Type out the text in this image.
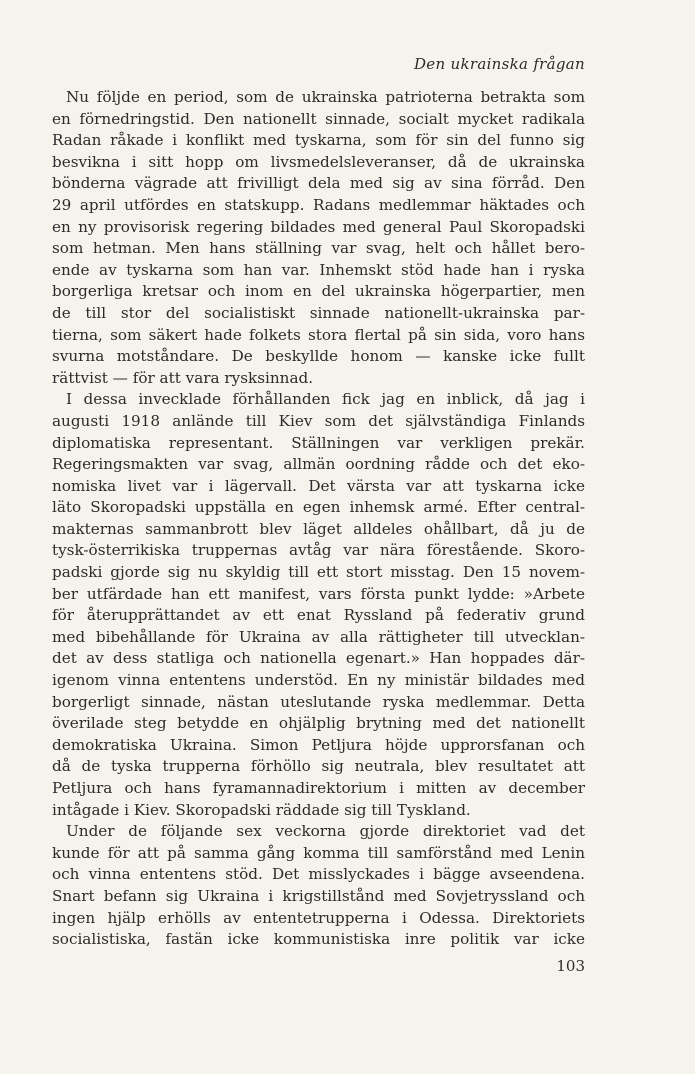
Den ukrainska frågan
Nu följde en period, som de ukrainska patrioterna betrakta som
en förnedringstid. Den nationellt sinnade, socialt mycket radikala
Radan råkade i konflikt med tyskarna, som för sin del funno sig
besvikna i sitt hopp om livsmedelsleveranser, då de ukrainska
bönderna vägrade att frivilligt dela med sig av sina förråd. Den
29 april utfördes en statskupp. Radans medlemmar häktades och
en ny provisorisk regering bildades med general Paul Skoropadski
som hetman. Men hans ställning var svag, helt och hållet bero-
ende av tyskarna som han var. Inhemskt stöd hade han i ryska
borgerliga kretsar och inom en del ukrainska högerpartier, men
de till stor del socialistiskt sinnade nationellt-ukrainska par-
tierna, som säkert hade folkets stora flertal på sin sida, voro hans
svurna motståndare. De beskyllde honom — kanske icke fullt
rättvist — för att vara rysksinnad.
I dessa invecklade förhållanden fick jag en inblick, då jag i
augusti 1918 anlände till Kiev som det självständiga Finlands
diplomatiska representant. Ställningen var verkligen prekär.
Regeringsmakten var svag, allmän oordning rådde och det eko-
nomiska livet var i lägervall. Det värsta var att tyskarna icke
läto Skoropadski uppställa en egen inhemsk armé. Efter central-
makternas sammanbrott blev läget alldeles ohållbart, då ju de
tysk-österrikiska truppernas avtåg var nära förestående. Skoro-
padski gjorde sig nu skyldig till ett stort misstag. Den 15 novem-
ber utfärdade han ett manifest, vars första punkt lydde: »Arbete
för återupprättandet av ett enat Ryssland på federativ grund
med bibehållande för Ukraina av alla rättigheter till utvecklan-
det av dess statliga och nationella egenart.» Han hoppades där-
igenom vinna ententens understöd. En ny ministär bildades med
borgerligt sinnade, nästan uteslutande ryska medlemmar. Detta
överilade steg betydde en ohjälplig brytning med det nationellt
demokratiska Ukraina. Simon Petljura höjde upprorsfanan och
då de tyska trupperna förhöllo sig neutrala, blev resultatet att
Petljura och hans fyramannadirektorium i mitten av december
intågade i Kiev. Skoropadski räddade sig till Tyskland.
Under de följande sex veckorna gjorde direktoriet vad det
kunde för att på samma gång komma till samförstånd med Lenin
och vinna ententens stöd. Det misslyckades i bägge avseendena.
Snart befann sig Ukraina i krigstillstånd med Sovjetryssland och
ingen hjälp erhölls av ententetrupperna i Odessa. Direktoriets
socialistiska, fastän icke kommunistiska inre politik var icke
103
